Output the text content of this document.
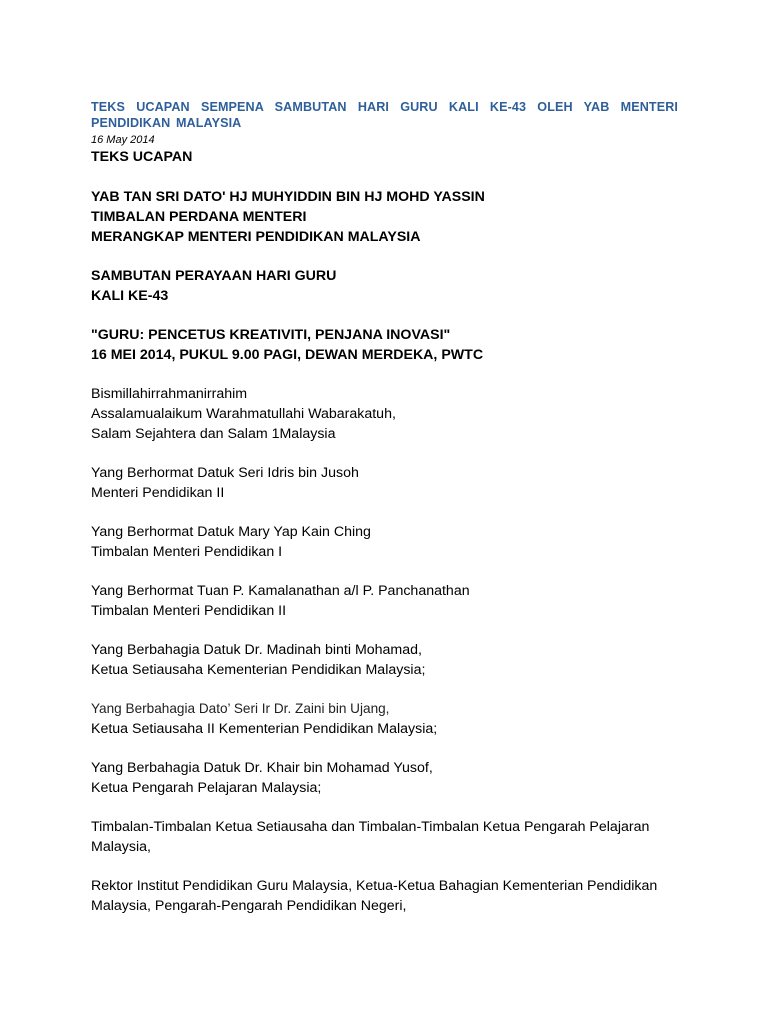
TEKS UCAPAN SEMPENA SAMBUTAN HARI GURU KALI KE-43 OLEH YAB MENTERI PENDIDIKAN MALAYSIA
16 May 2014
TEKS UCAPAN
YAB TAN SRI DATO' HJ MUHYIDDIN BIN HJ MOHD YASSIN
TIMBALAN PERDANA MENTERI
MERANGKAP MENTERI PENDIDIKAN MALAYSIA
SAMBUTAN PERAYAAN HARI GURU
KALI KE-43
"GURU: PENCETUS KREATIVITI, PENJANA INOVASI"
16 MEI 2014, PUKUL 9.00 PAGI, DEWAN MERDEKA, PWTC
Bismillahirrahmanirrahim
Assalamualaikum Warahmatullahi Wabarakatuh,
Salam Sejahtera dan Salam 1Malaysia
Yang Berhormat Datuk Seri Idris bin Jusoh
Menteri Pendidikan II
Yang Berhormat Datuk Mary Yap Kain Ching
Timbalan Menteri Pendidikan I
Yang Berhormat Tuan P. Kamalanathan a/l P. Panchanathan
Timbalan Menteri Pendidikan II
Yang Berbahagia Datuk Dr. Madinah binti Mohamad,
Ketua Setiausaha Kementerian Pendidikan Malaysia;
Yang Berbahagia Dato’ Seri Ir Dr. Zaini bin Ujang,
Ketua Setiausaha II Kementerian Pendidikan Malaysia;
Yang Berbahagia Datuk Dr. Khair bin Mohamad Yusof,
Ketua Pengarah Pelajaran Malaysia;
Timbalan-Timbalan Ketua Setiausaha dan Timbalan-Timbalan Ketua Pengarah Pelajaran
Malaysia,
Rektor Institut Pendidikan Guru Malaysia, Ketua-Ketua Bahagian Kementerian Pendidikan
Malaysia, Pengarah-Pengarah Pendidikan Negeri,
